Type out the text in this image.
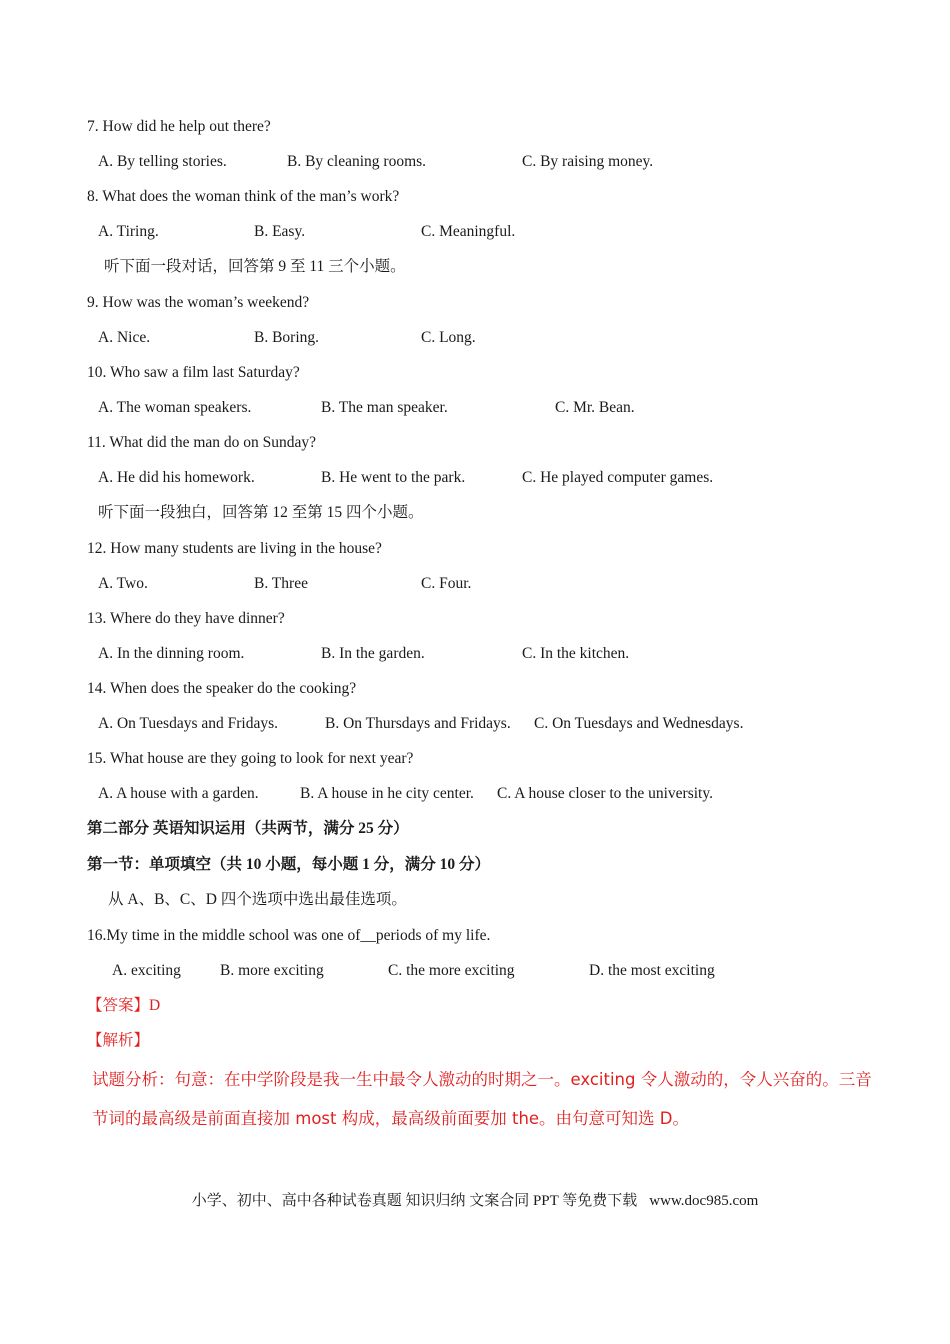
7. How did he help out there?
A. By telling stories.	B. By cleaning rooms.	C. By raising money.
8. What does the woman think of the man’s work?
A. Tiring.	B. Easy.	C. Meaningful.
听下面一段对话，回答第 9 至 11 三个小题。
9. How was the woman’s weekend?
A. Nice.	B. Boring.	C. Long.
10. Who saw a film last Saturday?
A. The woman speakers.	B. The man speaker.	C. Mr. Bean.
11. What did the man do on Sunday?
A. He did his homework.	B. He went to the park.	C. He played computer games.
听下面一段独白，回答第 12 至第 15 四个小题。
12. How many students are living in the house?
A. Two.	B. Three	C. Four.
13. Where do they have dinner?
A. In the dinning room.	B. In the garden.	C. In the kitchen.
14. When does the speaker do the cooking?
A. On Tuesdays and Fridays.	B. On Thursdays and Fridays. C. On Tuesdays and Wednesdays.
15. What house are they going to look for next year?
A. A house with a garden.	B. A house in he city center. C. A house closer to the university.
第二部分 英语知识运用（共两节，满分 25 分）
第一节：单项填空（共 10 小题，每小题 1 分，满分 10 分）
从 A、B、C、D 四个选项中选出最佳选项。
16.My time in the middle school was one of__periods of my life.
A. exciting	B. more exciting	C. the more exciting	D. the most exciting
【答案】D
【解析】
试题分析：句意：在中学阶段是我一生中最令人激动的时期之一。exciting 令人激动的，令人兴奋的。三音
节词的最高级是前面直接加 most 构成，最高级前面要加 the。由句意可知选 D。
小学、初中、高中各种试卷真题 知识归纳 文案合同 PPT 等免费下载 www.doc985.com
